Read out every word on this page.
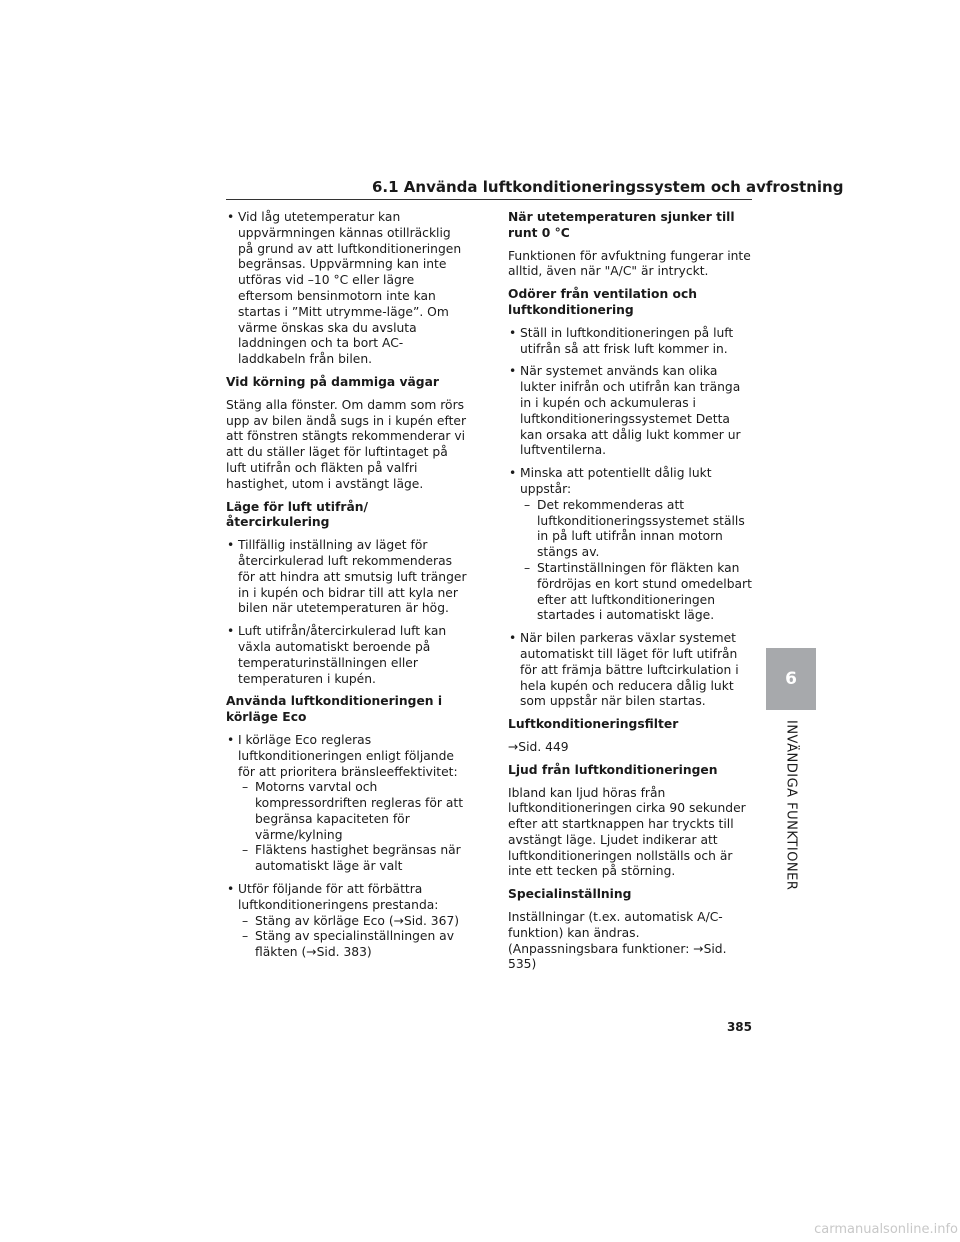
6.1 Använda luftkonditioneringssystem och avfrostning
• Vid låg utetemperatur kan uppvärmningen kännas otillräcklig på grund av att luftkonditioneringen begränsas. Uppvärmning kan inte utföras vid –10 °C eller lägre eftersom bensinmotorn inte kan startas i ”Mitt utrymme-läge”. Om värme önskas ska du avsluta laddningen och ta bort AC-laddkabeln från bilen.
Vid körning på dammiga vägar

Stäng alla fönster. Om damm som rörs upp av bilen ändå sugs in i kupén efter att fönstren stängts rekommenderar vi att du ställer läget för luftintaget på luft utifrån och fläkten på valfri hastighet, utom i avstängt läge.

Läge för luft utifrån/återcirkulering
• Tillfällig inställning av läget för återcirkulerad luft rekommenderas för att hindra att smutsig luft tränger in i kupén och bidrar till att kyla ner bilen när utetemperaturen är hög.
• Luft utifrån/återcirkulerad luft kan växla automatiskt beroende på temperaturinställningen eller temperaturen i kupén.
Använda luftkonditioneringen i körläge Eco
• I körläge Eco regleras luftkonditioneringen enligt följande för att prioritera bränsleeffektivitet:
– Motorns varvtal och kompressordriften regleras för att begränsa kapaciteten för värme/kylning
– Fläktens hastighet begränsas när automatiskt läge är valt
• Utför följande för att förbättra luftkonditioneringens prestanda:
– Stäng av körläge Eco (→Sid. 367)
– Stäng av specialinställningen av fläkten (→Sid. 383)
När utetemperaturen sjunker till runt 0 °C

Funktionen för avfuktning fungerar inte alltid, även när "A/C" är intryckt.

Odörer från ventilation och luftkonditionering
• Ställ in luftkonditioneringen på luft utifrån så att frisk luft kommer in.
• När systemet används kan olika lukter inifrån och utifrån kan tränga in i kupén och ackumuleras i luftkonditioneringssystemet Detta kan orsaka att dålig lukt kommer ur luftventilerna.
• Minska att potentiellt dålig lukt uppstår:
– Det rekommenderas att luftkonditioneringssystemet ställs in på luft utifrån innan motorn stängs av.
– Startinställningen för fläkten kan fördröjas en kort stund omedelbart efter att luftkonditioneringen startades i automatiskt läge.
• När bilen parkeras växlar systemet automatiskt till läget för luft utifrån för att främja bättre luftcirkulation i hela kupén och reducera dålig lukt som uppstår när bilen startas.
Luftkonditioneringsfilter

→Sid. 449

Ljud från luftkonditioneringen

Ibland kan ljud höras från luftkonditioneringen cirka 90 sekunder efter att startknappen har tryckts till avstängt läge. Ljudet indikerar att luftkonditioneringen nollställs och är inte ett tecken på störning.

Specialinställning

Inställningar (t.ex. automatisk A/C-funktion) kan ändras. (Anpassningsbara funktioner: →Sid. 535)

6
INVÄNDIGA FUNKTIONER
385
carmanualsonline.info
